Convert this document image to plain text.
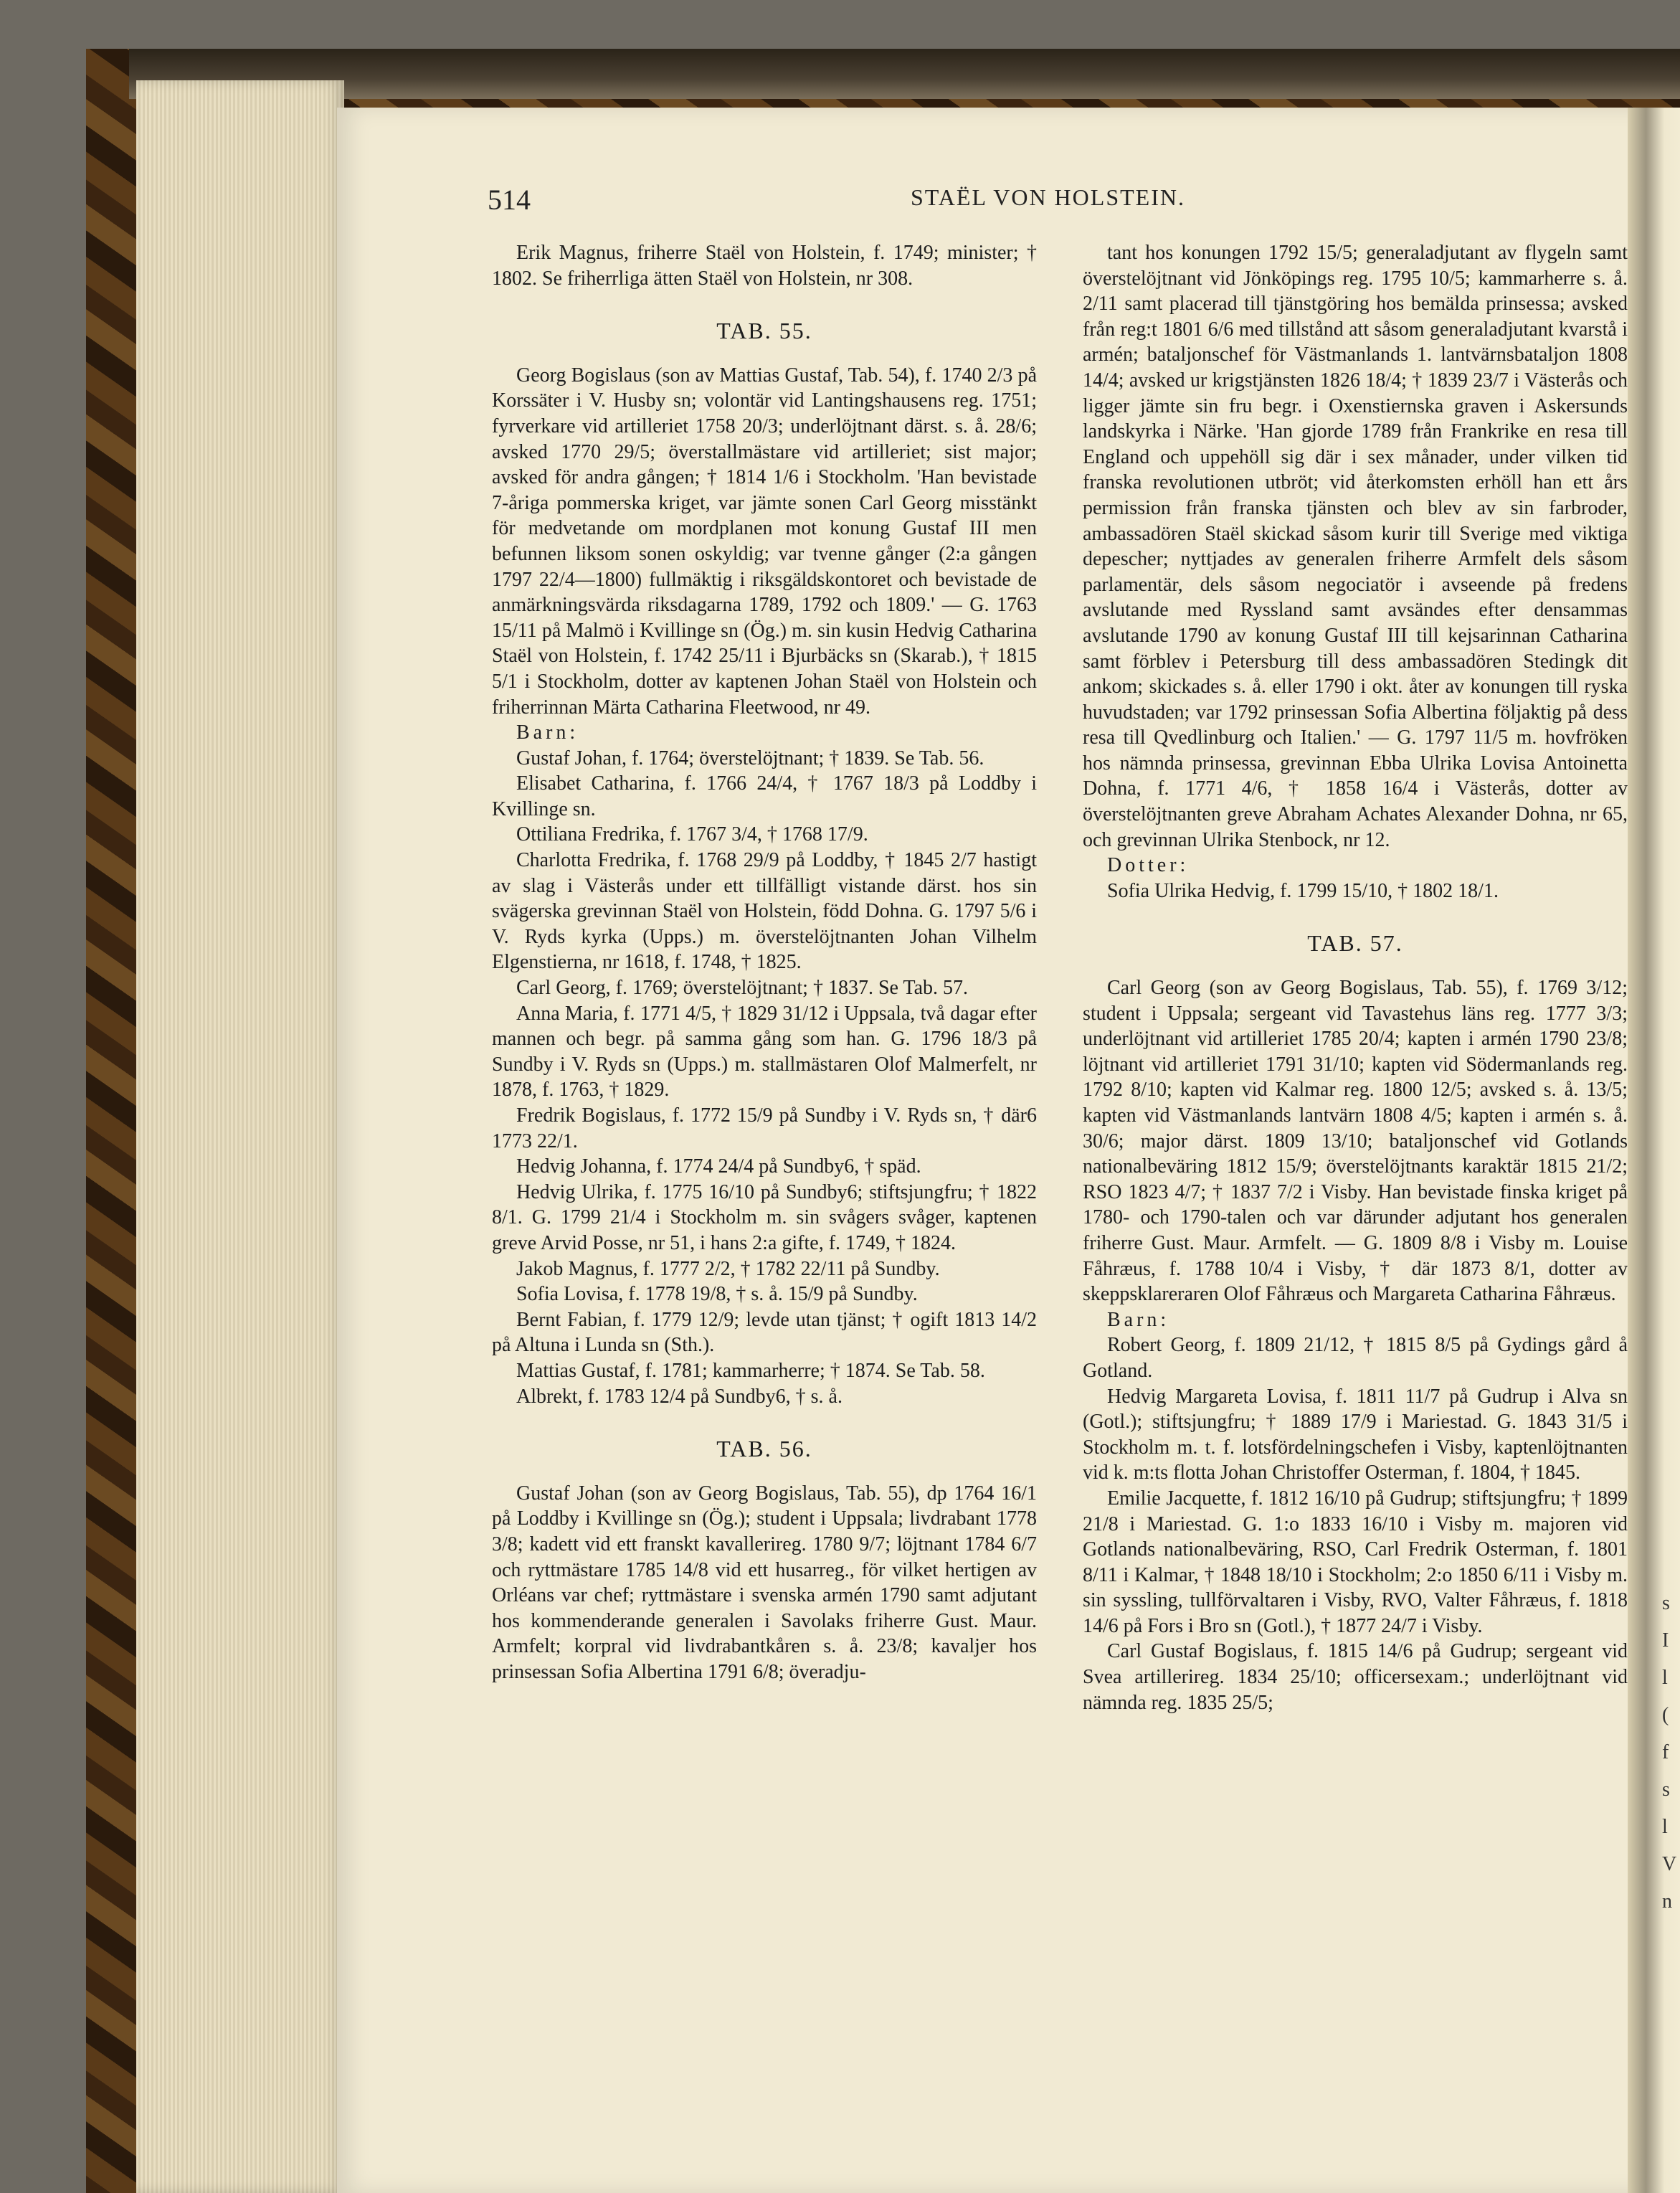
514	STAËL VON HOLSTEIN.

Erik Magnus, friherre Staël von Holstein, f. 1749; minister; † 1802. Se friherrliga ätten Staël von Holstein, nr 308.

TAB. 55.

Georg Bogislaus (son av Mattias Gustaf, Tab. 54), f. 1740 2/3 på Korssäter i V. Husby sn; volontär vid Lantingshausens reg. 1751; fyrverkare vid artilleriet 1758 20/3; underlöjtnant därst. s. å. 28/6; avsked 1770 29/5; överstallmästare vid artilleriet; sist major; avsked för andra gången; † 1814 1/6 i Stockholm. 'Han bevistade 7-åriga pommerska kriget, var jämte sonen Carl Georg misstänkt för medvetande om mordplanen mot konung Gustaf III men befunnen liksom sonen oskyldig; var tvenne gånger (2:a gången 1797 22/4—1800) fullmäktig i riksgäldskontoret och bevistade de anmärkningsvärda riksdagarna 1789, 1792 och 1809.' — G. 1763 15/11 på Malmö i Kvillinge sn (Ög.) m. sin kusin Hedvig Catharina Staël von Holstein, f. 1742 25/11 i Bjurbäcks sn (Skarab.), † 1815 5/1 i Stockholm, dotter av kaptenen Johan Staël von Holstein och friherrinnan Märta Catharina Fleetwood, nr 49.

Barn:

Gustaf Johan, f. 1764; överstelöjtnant; † 1839. Se Tab. 56.

Elisabet Catharina, f. 1766 24/4, † 1767 18/3 på Loddby i Kvillinge sn.

Ottiliana Fredrika, f. 1767 3/4, † 1768 17/9.

Charlotta Fredrika, f. 1768 29/9 på Loddby, † 1845 2/7 hastigt av slag i Västerås under ett tillfälligt vistande därst. hos sin svägerska grevinnan Staël von Holstein, född Dohna. G. 1797 5/6 i V. Ryds kyrka (Upps.) m. överstelöjtnanten Johan Vilhelm Elgenstierna, nr 1618, f. 1748, † 1825.

Carl Georg, f. 1769; överstelöjtnant; † 1837. Se Tab. 57.

Anna Maria, f. 1771 4/5, † 1829 31/12 i Uppsala, två dagar efter mannen och begr. på samma gång som han. G. 1796 18/3 på Sundby i V. Ryds sn (Upps.) m. stallmästaren Olof Malmerfelt, nr 1878, f. 1763, † 1829.

Fredrik Bogislaus, f. 1772 15/9 på Sundby i V. Ryds sn, † där6 1773 22/1.

Hedvig Johanna, f. 1774 24/4 på Sundby6, † späd.

Hedvig Ulrika, f. 1775 16/10 på Sundby6; stiftsjungfru; † 1822 8/1. G. 1799 21/4 i Stockholm m. sin svågers svåger, kaptenen greve Arvid Posse, nr 51, i hans 2:a gifte, f. 1749, † 1824.

Jakob Magnus, f. 1777 2/2, † 1782 22/11 på Sundby.

Sofia Lovisa, f. 1778 19/8, † s. å. 15/9 på Sundby.

Bernt Fabian, f. 1779 12/9; levde utan tjänst; † ogift 1813 14/2 på Altuna i Lunda sn (Sth.).

Mattias Gustaf, f. 1781; kammarherre; † 1874. Se Tab. 58.

Albrekt, f. 1783 12/4 på Sundby6, † s. å.

TAB. 56.

Gustaf Johan (son av Georg Bogislaus, Tab. 55), dp 1764 16/1 på Loddby i Kvillinge sn (Ög.); student i Uppsala; livdrabant 1778 3/8; kadett vid ett franskt kavallerireg. 1780 9/7; löjtnant 1784 6/7 och ryttmästare 1785 14/8 vid ett husarreg., för vilket hertigen av Orléans var chef; ryttmästare i svenska armén 1790 samt adjutant hos kommenderande generalen i Savolaks friherre Gust. Maur. Armfelt; korpral vid livdrabantkåren s. å. 23/8; kavaljer hos prinsessan Sofia Albertina 1791 6/8; överadju-

tant hos konungen 1792 15/5; generaladjutant av flygeln samt överstelöjtnant vid Jönköpings reg. 1795 10/5; kammarherre s. å. 2/11 samt placerad till tjänstgöring hos bemälda prinsessa; avsked från reg:t 1801 6/6 med tillstånd att såsom generaladjutant kvarstå i armén; bataljonschef för Västmanlands 1. lantvärnsbataljon 1808 14/4; avsked ur krigstjänsten 1826 18/4; † 1839 23/7 i Västerås och ligger jämte sin fru begr. i Oxenstiernska graven i Askersunds landskyrka i Närke. 'Han gjorde 1789 från Frankrike en resa till England och uppehöll sig där i sex månader, under vilken tid franska revolutionen utbröt; vid återkomsten erhöll han ett års permission från franska tjänsten och blev av sin farbroder, ambassadören Staël skickad såsom kurir till Sverige med viktiga depescher; nyttjades av generalen friherre Armfelt dels såsom parlamentär, dels såsom negociatör i avseende på fredens avslutande med Ryssland samt avsändes efter densammas avslutande 1790 av konung Gustaf III till kejsarinnan Catharina samt förblev i Petersburg till dess ambassadören Stedingk dit ankom; skickades s. å. eller 1790 i okt. åter av konungen till ryska huvudstaden; var 1792 prinsessan Sofia Albertina följaktig på dess resa till Qvedlinburg och Italien.' — G. 1797 11/5 m. hovfröken hos nämnda prinsessa, grevinnan Ebba Ulrika Lovisa Antoinetta Dohna, f. 1771 4/6, † 1858 16/4 i Västerås, dotter av överstelöjtnanten greve Abraham Achates Alexander Dohna, nr 65, och grevinnan Ulrika Stenbock, nr 12.

Dotter:

Sofia Ulrika Hedvig, f. 1799 15/10, † 1802 18/1.

TAB. 57.

Carl Georg (son av Georg Bogislaus, Tab. 55), f. 1769 3/12; student i Uppsala; sergeant vid Tavastehus läns reg. 1777 3/3; underlöjtnant vid artilleriet 1785 20/4; kapten i armén 1790 23/8; löjtnant vid artilleriet 1791 31/10; kapten vid Södermanlands reg. 1792 8/10; kapten vid Kalmar reg. 1800 12/5; avsked s. å. 13/5; kapten vid Västmanlands lantvärn 1808 4/5; kapten i armén s. å. 30/6; major därst. 1809 13/10; bataljonschef vid Gotlands nationalbeväring 1812 15/9; överstelöjtnants karaktär 1815 21/2; RSO 1823 4/7; † 1837 7/2 i Visby. Han bevistade finska kriget på 1780- och 1790-talen och var därunder adjutant hos generalen friherre Gust. Maur. Armfelt. — G. 1809 8/8 i Visby m. Louise Fåhræus, f. 1788 10/4 i Visby, † där 1873 8/1, dotter av skeppsklareraren Olof Fåhræus och Margareta Catharina Fåhræus.

Barn:

Robert Georg, f. 1809 21/12, † 1815 8/5 på Gydings gård å Gotland.

Hedvig Margareta Lovisa, f. 1811 11/7 på Gudrup i Alva sn (Gotl.); stiftsjungfru; † 1889 17/9 i Mariestad. G. 1843 31/5 i Stockholm m. t. f. lotsfördelningschefen i Visby, kaptenlöjtnanten vid k. m:ts flotta Johan Christoffer Osterman, f. 1804, † 1845.

Emilie Jacquette, f. 1812 16/10 på Gudrup; stiftsjungfru; † 1899 21/8 i Mariestad. G. 1:o 1833 16/10 i Visby m. majoren vid Gotlands nationalbeväring, RSO, Carl Fredrik Osterman, f. 1801 8/11 i Kalmar, † 1848 18/10 i Stockholm; 2:o 1850 6/11 i Visby m. sin syssling, tullförvaltaren i Visby, RVO, Valter Fåhræus, f. 1818 14/6 på Fors i Bro sn (Gotl.), † 1877 24/7 i Visby.

Carl Gustaf Bogislaus, f. 1815 14/6 på Gudrup; sergeant vid Svea artillerireg. 1834 25/10; officersexam.; underlöjtnant vid nämnda reg. 1835 25/5;

s
I
l
(
f
s
l
V
n
